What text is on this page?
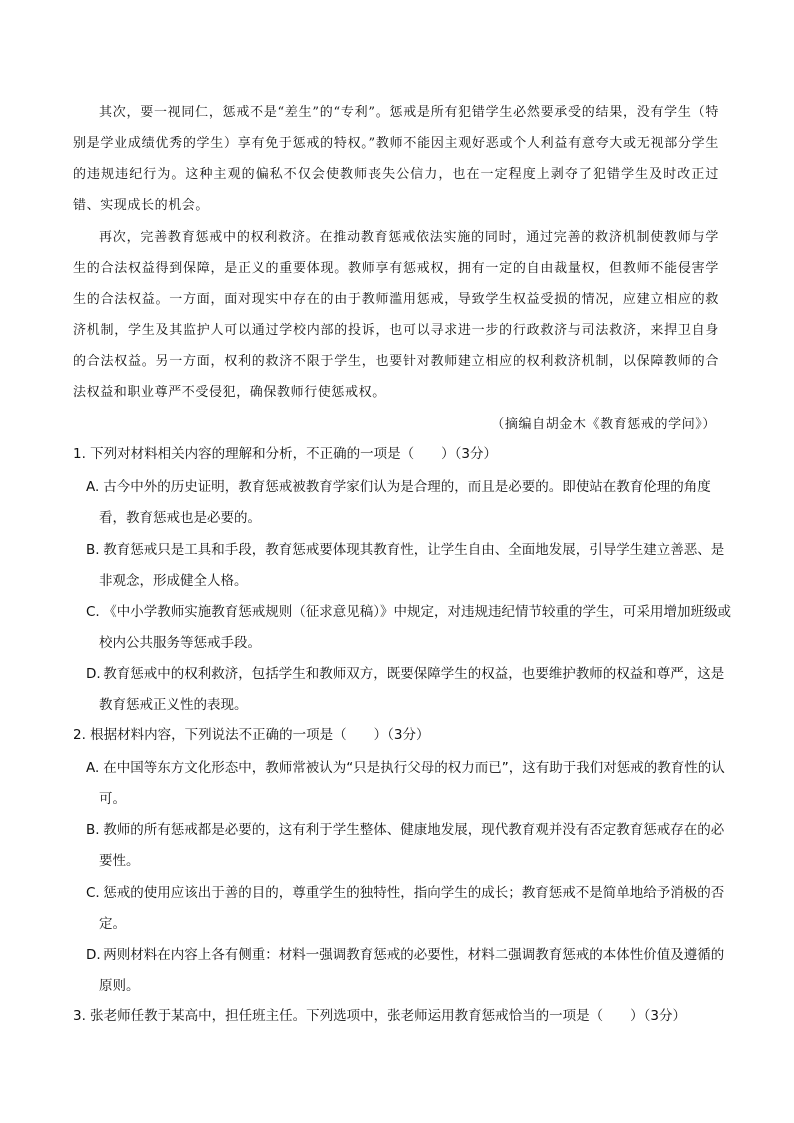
其次，要一视同仁，惩戒不是“差生”的“专利”。惩戒是所有犯错学生必然要承受的结果，没有学生（特别是学业成绩优秀的学生）享有免于惩戒的特权。”教师不能因主观好恶或个人利益有意夸大或无视部分学生的违规违纪行为。这种主观的偏私不仅会使教师丧失公信力，也在一定程度上剥夺了犯错学生及时改正过错、实现成长的机会。
再次，完善教育惩戒中的权利救济。在推动教育惩戒依法实施的同时，通过完善的救济机制使教师与学生的合法权益得到保障，是正义的重要体现。教师享有惩戒权，拥有一定的自由裁量权，但教师不能侵害学生的合法权益。一方面，面对现实中存在的由于教师滥用惩戒，导致学生权益受损的情况，应建立相应的救济机制，学生及其监护人可以通过学校内部的投诉，也可以寻求进一步的行政救济与司法救济，来捍卫自身的合法权益。另一方面，权利的救济不限于学生，也要针对教师建立相应的权利救济机制，以保障教师的合法权益和职业尊严不受侵犯，确保教师行使惩戒权。
（摘编自胡金木《教育惩戒的学问》）
1. 下列对材料相关内容的理解和分析，不正确的一项是（　　）（3分）
A. 古今中外的历史证明，教育惩戒被教育学家们认为是合理的，而且是必要的。即使站在教育伦理的角度看，教育惩戒也是必要的。
B. 教育惩戒只是工具和手段，教育惩戒要体现其教育性，让学生自由、全面地发展，引导学生建立善恶、是非观念，形成健全人格。
C. 《中小学教师实施教育惩戒规则（征求意见稿）》中规定，对违规违纪情节较重的学生，可采用增加班级或校内公共服务等惩戒手段。
D. 教育惩戒中的权利救济，包括学生和教师双方，既要保障学生的权益，也要维护教师的权益和尊严，这是教育惩戒正义性的表现。
2. 根据材料内容，下列说法不正确的一项是（　　）（3分）
A. 在中国等东方文化形态中，教师常被认为“只是执行父母的权力而已”，这有助于我们对惩戒的教育性的认可。
B. 教师的所有惩戒都是必要的，这有利于学生整体、健康地发展，现代教育观并没有否定教育惩戒存在的必要性。
C. 惩戒的使用应该出于善的目的，尊重学生的独特性，指向学生的成长；教育惩戒不是简单地给予消极的否定。
D. 两则材料在内容上各有侧重：材料一强调教育惩戒的必要性，材料二强调教育惩戒的本体性价值及遵循的原则。
3. 张老师任教于某高中，担任班主任。下列选项中，张老师运用教育惩戒恰当的一项是（　　）（3分）
